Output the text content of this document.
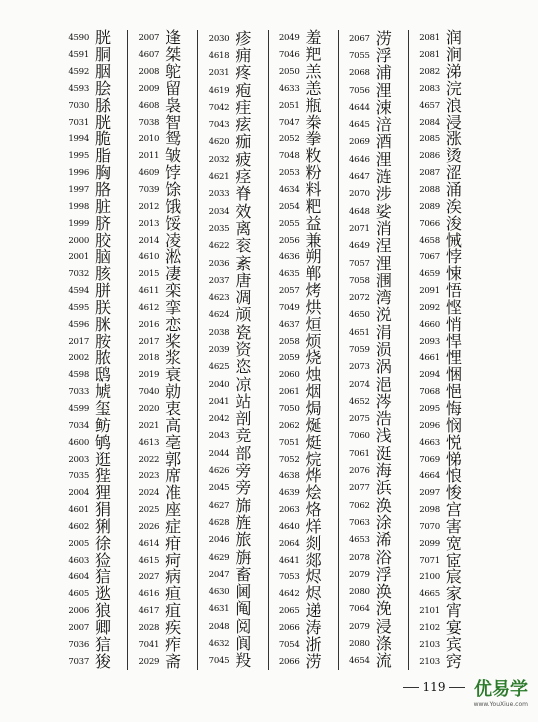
4590 胱
4591 胴
4592 胭
4593 脍
7030 脎
7031 胱
1994 脆
1995 脂
1996 胸
1997 胳
1998 脏
1999 脐
2000 胶
2001 脑
7032 胲
4594 胼
4595 朕
4596 脒
2017 胺
2002 脓
4598 鸱
7033 虓
4599 玺
7034 鲂
4600 鸲
2003 逛
7035 狴
2004 狸
4601 狷
4602 猁
2005 徐
4603 猃
4604 狺
4605 逖
2006 狼
2007 卿
7036 狺
7037 狻
2007 逢
4607 桀
2008 鸵
2009 留
4608 袅
7038 智
2010 鸳
2011 皱
4609 饽
7039 馀
2012 饿
2013 馁
2014 凌
4610 淞
2015 凄
4611 栾
4612 挛
2016 恋
2017 桨
2018 浆
2019 衰
7040 勍
2020 衷
2021 高
4613 亳
2022 郭
2023 席
2024 准
2025 座
2026 症
4614 疳
4615 疴
2027 病
4616 疸
4617 疽
2028 疾
7041 痄
2029 斋
2030 疹
4618 痈
2031 疼
4619 疱
7042 疰
7043 痃
4620 痂
2032 疲
4621 痉
2033 脊
2034 效
2035 离
4622 衮
2036 紊
2037 唐
4623 凋
4624 颃
2038 瓷
2039 资
4625 恣
2040 凉
2041 站
2042 剖
2043 竞
2044 部
4626 旁
2045 旁
4627 旆
4628 旌
2046 旅
4629 旃
2047 畜
4630 阃
4631 阄
2048 阅
4632 阆
7045 羖
2049 羞
7046 羓
2050 羔
4633 恙
2051 瓶
7047 桊
2052 拳
7048 敉
2053 粉
4634 料
2054 粑
2055 益
2056 兼
4636 朔
4635 郸
2057 烤
7049 烘
4637 烜
2058 烦
2059 烧
2060 烛
2061 烟
7050 焗
2062 烻
7051 烶
7052 烷
4638 烨
4639 烩
2063 烙
4640 烊
2064 剡
4641 郯
7053 烬
4642 烬
2065 递
2066 涛
7054 浙
2066 涝
2067 涝
7055 浮
2068 浦
7056 浬
4644 涑
4645 涪
2069 酒
4646 浬
4647 涟
2070 涉
4648 娑
2071 消
4649 涅
7057 浬
7058 涠
2072 湾
4650 涚
4651 涓
7059 涢
2073 涡
2074 浥
4652 涔
2075 浩
7060 浅
7061 涏
2076 海
2077 浜
7062 涣
7063 涂
4653 浠
2078 浴
2079 浮
2080 涣
7064 浼
2079 浸
2080 涤
4654 流
2081 润
2081 涧
2082 涕
2083 浣
4657 浪
2084 浸
2085 涨
2086 烫
2087 涩
2088 涌
2089 涘
7066 浚
4658 悈
7067 悖
4659 悚
2091 悟
2092 悭
4660 悄
2093 悍
4661 悝
2094 悃
7068 悒
2095 悔
2096 悯
4663 悦
7069 悌
4664 悢
2097 悛
2098 宫
7070 害
2099 宽
7071 宧
2100 宸
4665 家
2101 宵
2102 宴
2103 宾
2103 窍
119	优易学
www.YouXiue.com
